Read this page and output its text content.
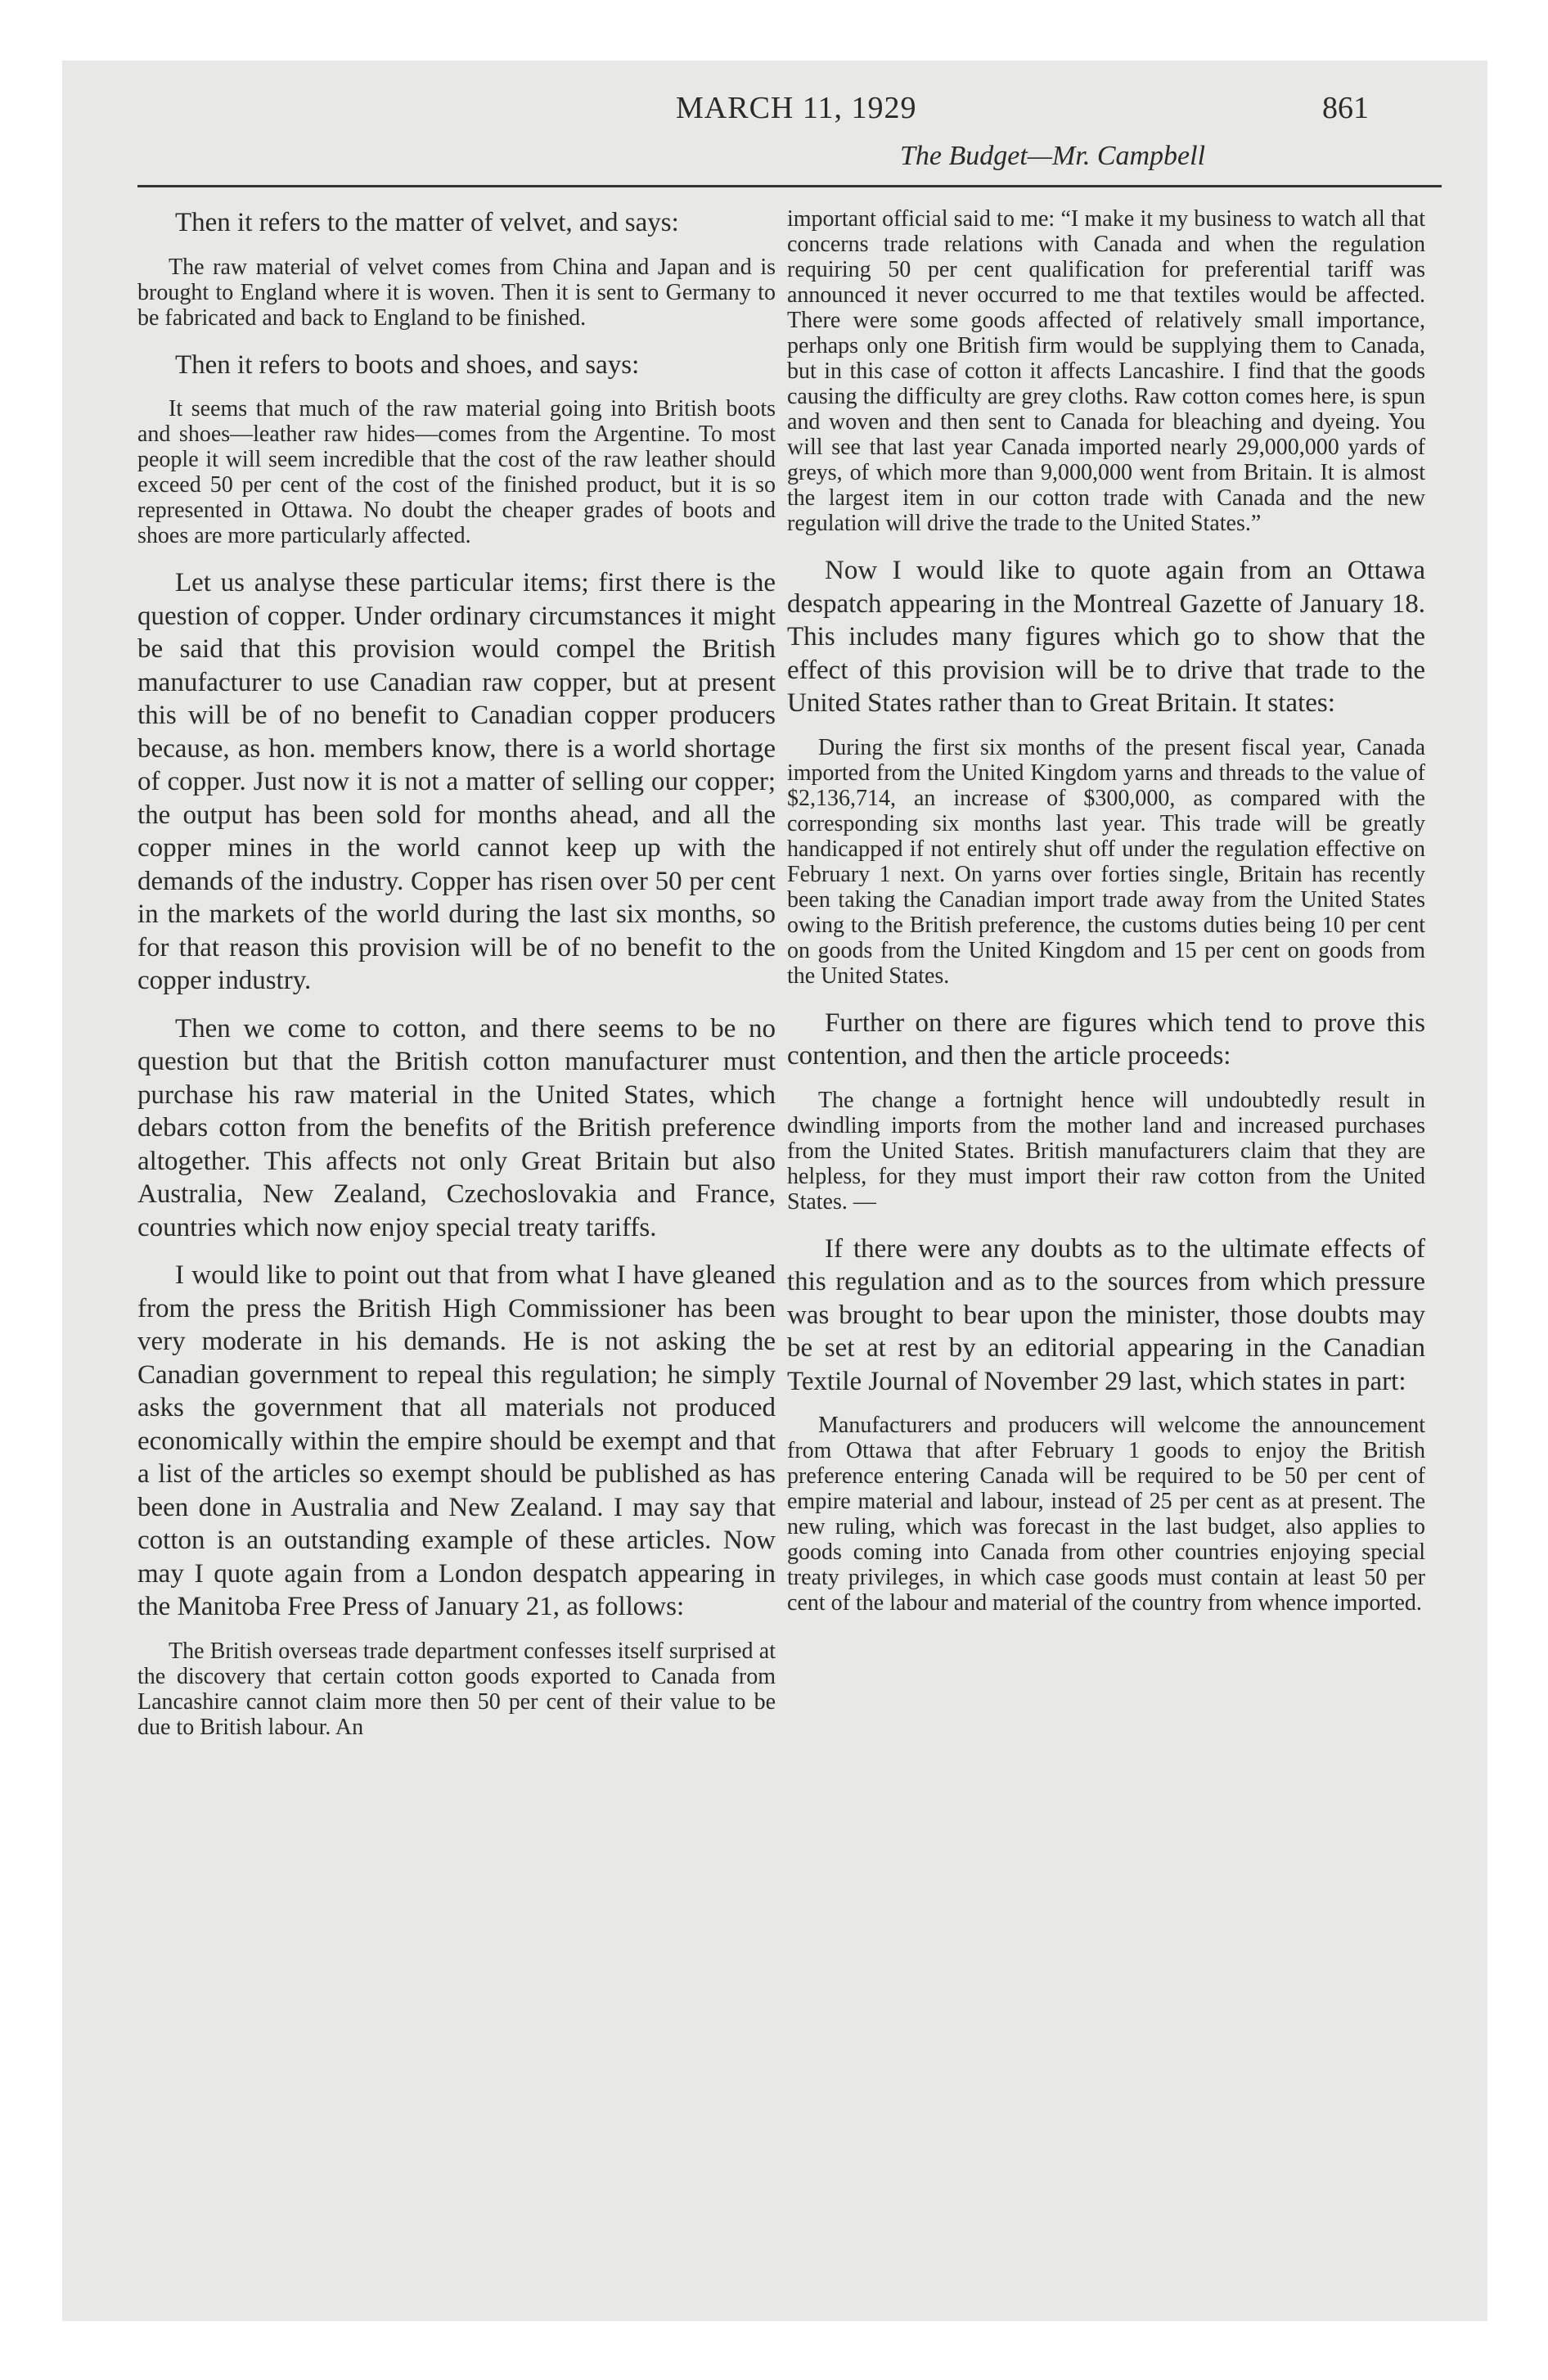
MARCH 11, 1929	861
The Budget—Mr. Campbell

Then it refers to the matter of velvet, and says:

The raw material of velvet comes from China and Japan and is brought to England where it is woven. Then it is sent to Germany to be fabricated and back to England to be finished.

Then it refers to boots and shoes, and says:

It seems that much of the raw material going into British boots and shoes—leather raw hides—comes from the Argentine. To most people it will seem incredible that the cost of the raw leather should exceed 50 per cent of the cost of the finished product, but it is so represented in Ottawa. No doubt the cheaper grades of boots and shoes are more particularly affected.

Let us analyse these particular items; first there is the question of copper. Under ordinary circumstances it might be said that this provision would compel the British manufacturer to use Canadian raw copper, but at present this will be of no benefit to Canadian copper producers because, as hon. members know, there is a world shortage of copper. Just now it is not a matter of selling our copper; the output has been sold for months ahead, and all the copper mines in the world cannot keep up with the demands of the industry. Copper has risen over 50 per cent in the markets of the world during the last six months, so for that reason this provision will be of no benefit to the copper industry.

Then we come to cotton, and there seems to be no question but that the British cotton manufacturer must purchase his raw material in the United States, which debars cotton from the benefits of the British preference altogether. This affects not only Great Britain but also Australia, New Zealand, Czechoslovakia and France, countries which now enjoy special treaty tariffs.

I would like to point out that from what I have gleaned from the press the British High Commissioner has been very moderate in his demands. He is not asking the Canadian government to repeal this regulation; he simply asks the government that all materials not produced economically within the empire should be exempt and that a list of the articles so exempt should be published as has been done in Australia and New Zealand. I may say that cotton is an outstanding example of these articles. Now may I quote again from a London despatch appearing in the Manitoba Free Press of January 21, as follows:

The British overseas trade department confesses itself surprised at the discovery that certain cotton goods exported to Canada from Lancashire cannot claim more then 50 per cent of their value to be due to British labour. An

important official said to me: “I make it my business to watch all that concerns trade relations with Canada and when the regulation requiring 50 per cent qualification for preferential tariff was announced it never occurred to me that textiles would be affected. There were some goods affected of relatively small importance, perhaps only one British firm would be supplying them to Canada, but in this case of cotton it affects Lancashire. I find that the goods causing the difficulty are grey cloths. Raw cotton comes here, is spun and woven and then sent to Canada for bleaching and dyeing. You will see that last year Canada imported nearly 29,000,000 yards of greys, of which more than 9,000,000 went from Britain. It is almost the largest item in our cotton trade with Canada and the new regulation will drive the trade to the United States.”

Now I would like to quote again from an Ottawa despatch appearing in the Montreal Gazette of January 18. This includes many figures which go to show that the effect of this provision will be to drive that trade to the United States rather than to Great Britain. It states:

During the first six months of the present fiscal year, Canada imported from the United Kingdom yarns and threads to the value of $2,136,714, an increase of $300,000, as compared with the corresponding six months last year. This trade will be greatly handicapped if not entirely shut off under the regulation effective on February 1 next. On yarns over forties single, Britain has recently been taking the Canadian import trade away from the United States owing to the British preference, the customs duties being 10 per cent on goods from the United Kingdom and 15 per cent on goods from the United States.

Further on there are figures which tend to prove this contention, and then the article proceeds:

The change a fortnight hence will undoubtedly result in dwindling imports from the mother land and increased purchases from the United States. British manufacturers claim that they are helpless, for they must import their raw cotton from the United States. —

If there were any doubts as to the ultimate effects of this regulation and as to the sources from which pressure was brought to bear upon the minister, those doubts may be set at rest by an editorial appearing in the Canadian Textile Journal of November 29 last, which states in part:

Manufacturers and producers will welcome the announcement from Ottawa that after February 1 goods to enjoy the British preference entering Canada will be required to be 50 per cent of empire material and labour, instead of 25 per cent as at present. The new ruling, which was forecast in the last budget, also applies to goods coming into Canada from other countries enjoying special treaty privileges, in which case goods must contain at least 50 per cent of the labour and material of the country from whence imported.
